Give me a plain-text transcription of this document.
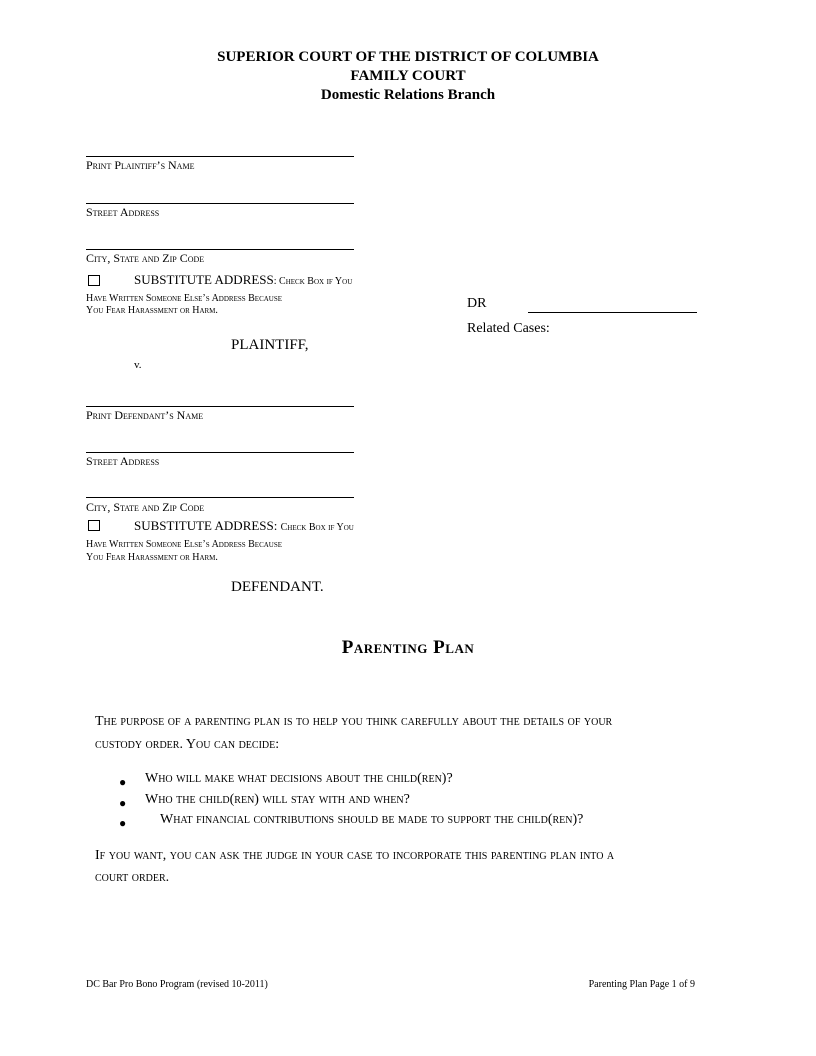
SUPERIOR COURT OF THE DISTRICT OF COLUMBIA
FAMILY COURT
Domestic Relations Branch
Print Plaintiff’s Name
Street Address
City, State and Zip Code
SUBSTITUTE ADDRESS: Check Box if You
Have Written Someone Else’s Address Because
You Fear Harassment or Harm.
PLAINTIFF,
v.
DR
Related Cases:
Print Defendant’s Name
Street Address
City, State and Zip Code
SUBSTITUTE ADDRESS: Check Box if You
Have Written Someone Else’s Address Because
You Fear Harassment or Harm.
DEFENDANT.
Parenting Plan
The purpose of a parenting plan is to help you think carefully about the details of your
custody order. You can decide:
● Who will make what decisions about the child(ren)?
● Who the child(ren) will stay with and when?
● What financial contributions should be made to support the child(ren)?
If you want, you can ask the judge in your case to incorporate this parenting plan into a
court order.
DC Bar Pro Bono Program (revised 10-2011)	Parenting Plan Page 1 of 9
